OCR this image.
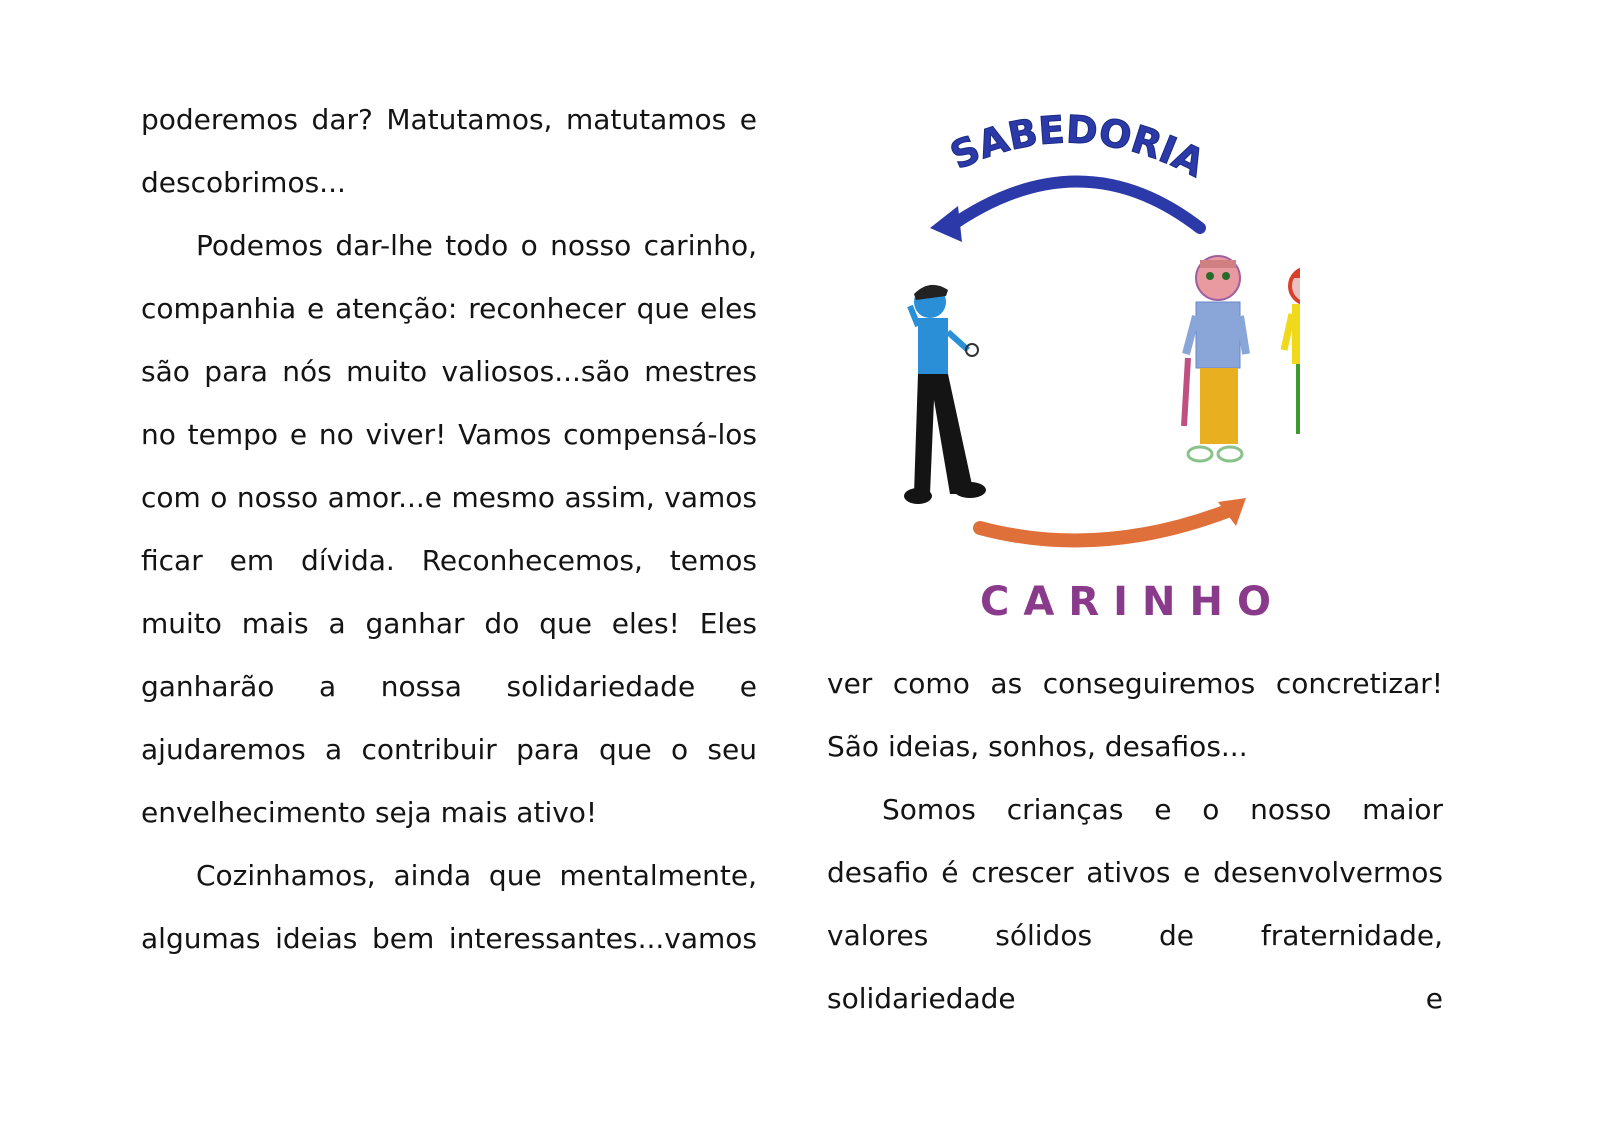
poderemos dar? Matutamos, matutamos e descobrimos...

Podemos dar-lhe todo o nosso carinho, companhia e atenção: reconhecer que eles são para nós muito valiosos...são mestres no tempo e no viver! Vamos compensá-los com o nosso amor...e mesmo assim, vamos ficar em dívida. Reconhecemos, temos muito mais a ganhar do que eles! Eles ganharão a nossa solidariedade e ajudaremos a contribuir para que o seu envelhecimento seja mais ativo!

Cozinhamos, ainda que mentalmente, algumas ideias bem interessantes...vamos

ver como as conseguiremos concretizar! São ideias, sonhos, desafios...

Somos crianças e o nosso maior desafio é crescer ativos e desenvolvermos valores sólidos de fraternidade, solidariedade e

SABEDORIA
CARINHO
